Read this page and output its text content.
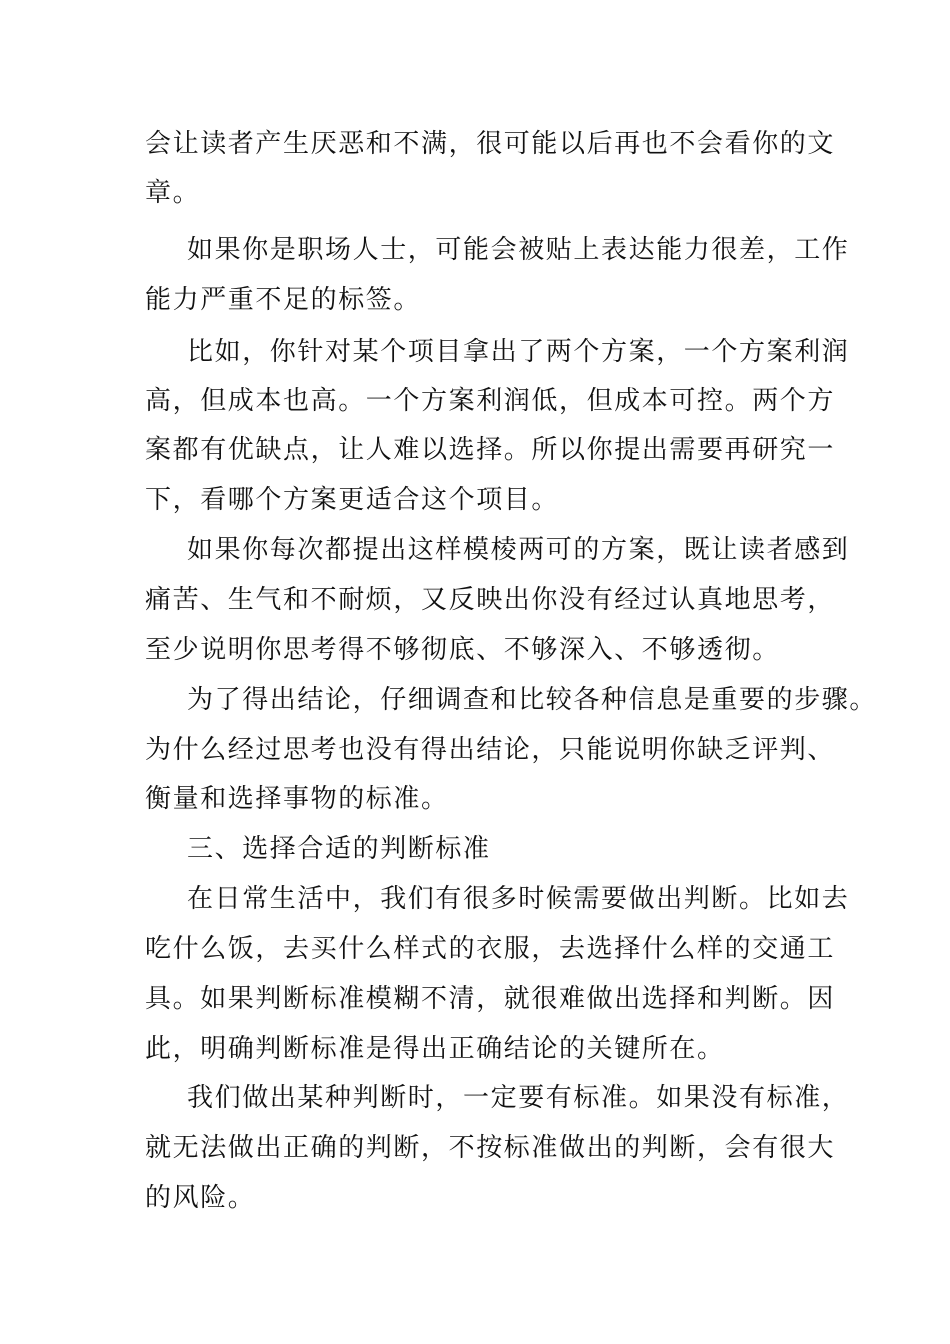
会让读者产生厌恶和不满，很可能以后再也不会看你的文
章。
如果你是职场人士，可能会被贴上表达能力很差，工作
能力严重不足的标签。
比如，你针对某个项目拿出了两个方案，一个方案利润
高，但成本也高。一个方案利润低，但成本可控。两个方
案都有优缺点，让人难以选择。所以你提出需要再研究一
下，看哪个方案更适合这个项目。
如果你每次都提出这样模棱两可的方案，既让读者感到
痛苦、生气和不耐烦，又反映出你没有经过认真地思考，
至少说明你思考得不够彻底、不够深入、不够透彻。
为了得出结论，仔细调查和比较各种信息是重要的步骤。
为什么经过思考也没有得出结论，只能说明你缺乏评判、
衡量和选择事物的标准。
三、选择合适的判断标准
在日常生活中，我们有很多时候需要做出判断。比如去
吃什么饭，去买什么样式的衣服，去选择什么样的交通工
具。如果判断标准模糊不清，就很难做出选择和判断。因
此，明确判断标准是得出正确结论的关键所在。
我们做出某种判断时，一定要有标准。如果没有标准，
就无法做出正确的判断，不按标准做出的判断，会有很大
的风险。
